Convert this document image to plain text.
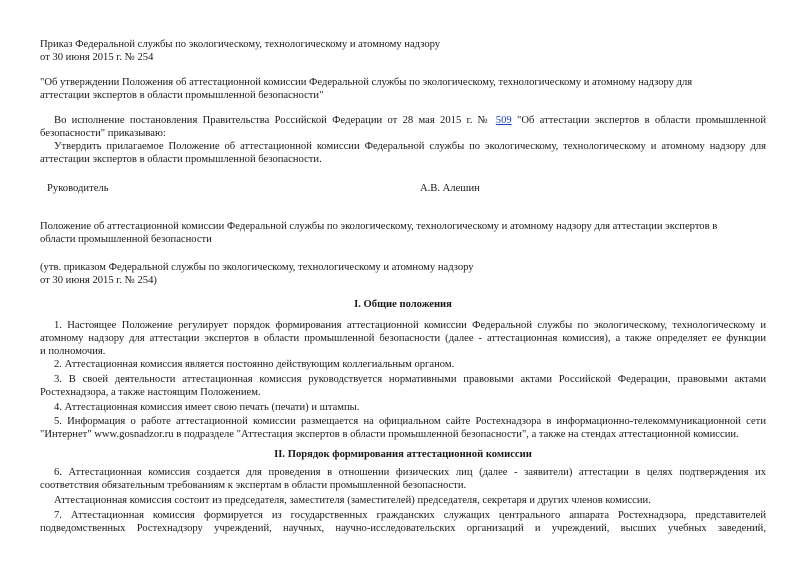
Приказ Федеральной службы по экологическому, технологическому и атомному надзору
от 30 июня 2015 г. № 254
"Об утверждении Положения об аттестационной комиссии Федеральной службы по экологическому, технологическому и атомному надзору для
аттестации экспертов в области промышленной безопасности"
Во исполнение постановления Правительства Российской Федерации от 28 мая 2015 г. № 509 "Об аттестации экспертов в области промышленной
безопасности" приказываю:
Утвердить прилагаемое Положение об аттестационной комиссии Федеральной службы по экологическому, технологическому и атомному надзору для
аттестации экспертов в области промышленной безопасности.
Руководитель	А.В. Алешин
Положение об аттестационной комиссии Федеральной службы по экологическому, технологическому и атомному надзору для аттестации экспертов в
области промышленной безопасности
(утв. приказом Федеральной службы по экологическому, технологическому и атомному надзору
от 30 июня 2015 г. № 254)
I. Общие положения
1. Настоящее Положение регулирует порядок формирования аттестационной комиссии Федеральной службы по экологическому, технологическому и
атомному надзору для аттестации экспертов в области промышленной безопасности (далее - аттестационная комиссия), а также определяет ее функции
и полномочия.
2. Аттестационная комиссия является постоянно действующим коллегиальным органом.
3. В своей деятельности аттестационная комиссия руководствуется нормативными правовыми актами Российской Федерации, правовыми актами
Ростехнадзора, а также настоящим Положением.
4. Аттестационная комиссия имеет свою печать (печати) и штампы.
5. Информация о работе аттестационной комиссии размещается на официальном сайте Ростехнадзора в информационно-телекоммуникационной сети
"Интернет" www.gosnadzor.ru в подразделе "Аттестация экспертов в области промышленной безопасности", а также на стендах аттестационной комиссии.
II. Порядок формирования аттестационной комиссии
6. Аттестационная комиссия создается для проведения в отношении физических лиц (далее - заявители) аттестации в целях подтверждения их
соответствия обязательным требованиям к экспертам в области промышленной безопасности.
Аттестационная комиссия состоит из председателя, заместителя (заместителей) председателя, секретаря и других членов комиссии.
7. Аттестационная комиссия формируется из государственных гражданских служащих центрального аппарата Ростехнадзора, представителей
подведомственных Ростехнадзору учреждений, научных, научно-исследовательских организаций и учреждений, высших учебных заведений,
